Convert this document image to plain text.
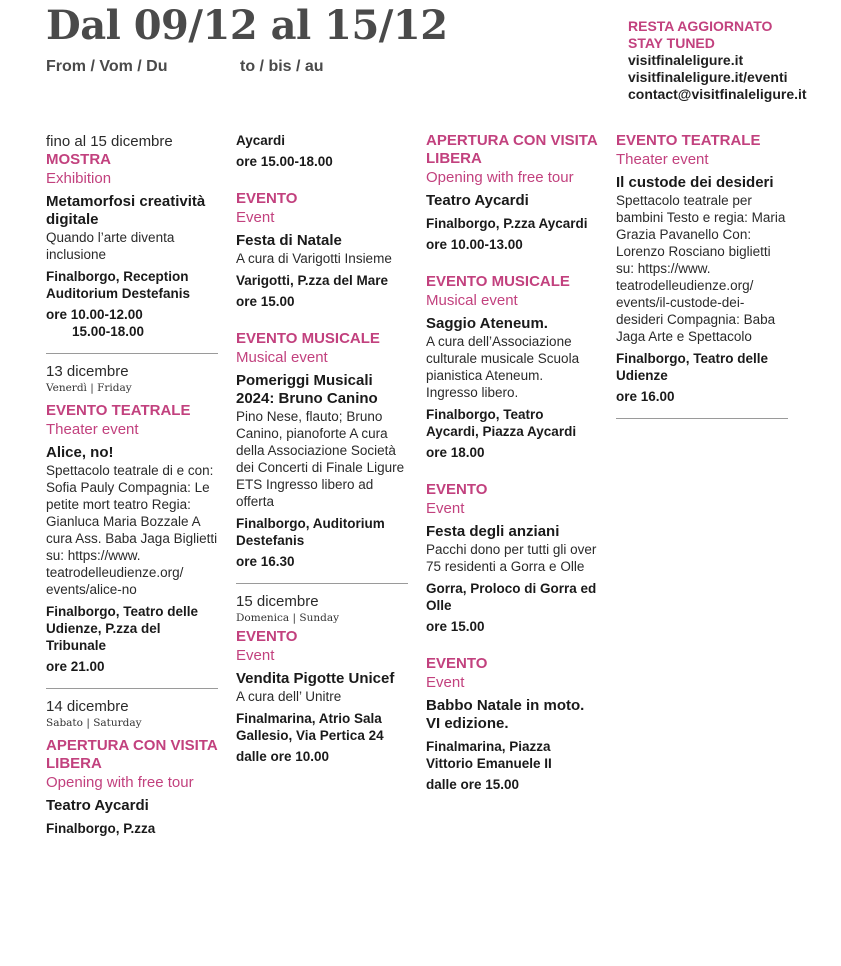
Dal 09/12 al 15/12
From / Vom / Du	to / bis / au
RESTA AGGIORNATO
STAY TUNED
visitfinaleligure.it
visitfinaleligure.it/eventi
contact@visitfinaleligure.it
fino al 15 dicembre
MOSTRA
Exhibition
Metamorfosi creatività digitale
Quando l’arte diventa inclusione
Finalborgo, Reception Auditorium Destefanis
ore 10.00-12.00
15.00-18.00
13 dicembre
Venerdì | Friday
EVENTO TEATRALE
Theater event
Alice, no!
Spettacolo teatrale di e con: Sofia Pauly Compagnia: Le petite mort teatro Regia: Gianluca Maria Bozzale A cura Ass. Baba Jaga Biglietti su: https://www. teatrodelleudienze.org/ events/alice-no
Finalborgo, Teatro delle Udienze, P.zza del Tribunale
ore 21.00
14 dicembre
Sabato | Saturday
APERTURA CON VISITA LIBERA
Opening with free tour
Teatro Aycardi
Finalborgo, P.zza
Aycardi
ore 15.00-18.00
EVENTO
Event
Festa di Natale
A cura di Varigotti Insieme
Varigotti, P.zza del Mare
ore 15.00
EVENTO MUSICALE
Musical event
Pomeriggi Musicali 2024: Bruno Canino
Pino Nese, flauto; Bruno Canino, pianoforte A cura della Associazione Società dei Concerti di Finale Ligure ETS Ingresso libero ad offerta
Finalborgo, Auditorium Destefanis
ore 16.30
15 dicembre
Domenica | Sunday
EVENTO
Event
Vendita Pigotte Unicef
A cura dell’ Unitre
Finalmarina, Atrio Sala Gallesio, Via Pertica 24
dalle ore 10.00
APERTURA CON VISITA LIBERA
Opening with free tour
Teatro Aycardi
Finalborgo, P.zza Aycardi
ore 10.00-13.00
EVENTO MUSICALE
Musical event
Saggio Ateneum.
A cura dell’Associazione culturale musicale Scuola pianistica Ateneum. Ingresso libero.
Finalborgo, Teatro Aycardi, Piazza Aycardi
ore 18.00
EVENTO
Event
Festa degli anziani
Pacchi dono per tutti gli over 75 residenti a Gorra e Olle
Gorra, Proloco di Gorra ed Olle
ore 15.00
EVENTO
Event
Babbo Natale in moto. VI edizione.
Finalmarina, Piazza Vittorio Emanuele II
dalle ore 15.00
EVENTO TEATRALE
Theater event
Il custode dei desideri
Spettacolo teatrale per bambini Testo e regia: Maria Grazia Pavanello Con: Lorenzo Rosciano biglietti su: https://www. teatrodelleudienze.org/ events/il-custode-dei-desideri Compagnia: Baba Jaga Arte e Spettacolo
Finalborgo, Teatro delle Udienze
ore 16.00
